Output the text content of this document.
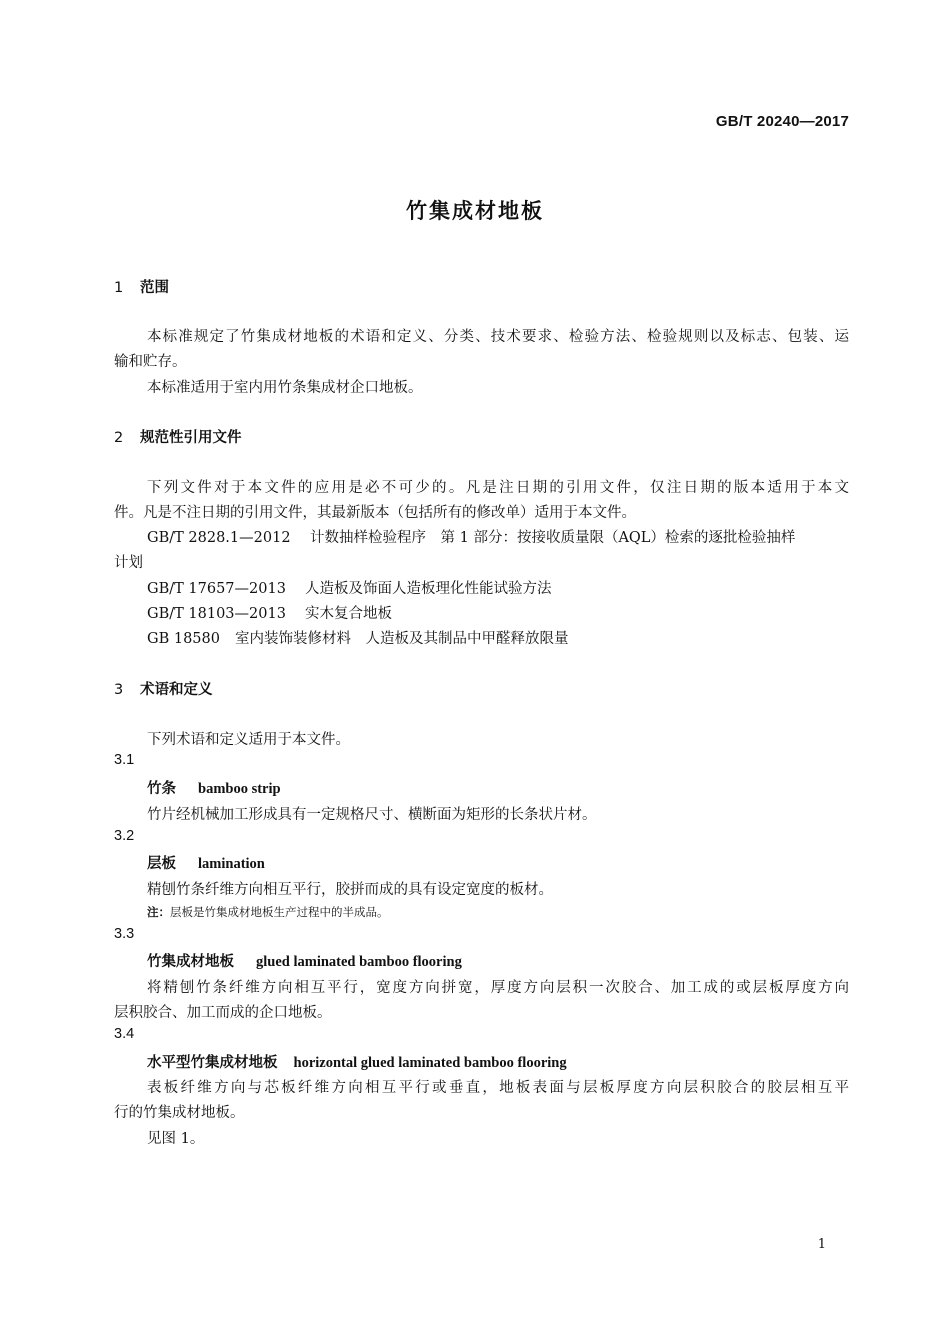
GB/T 20240—2017
竹集成材地板
1 范围
本标准规定了竹集成材地板的术语和定义、分类、技术要求、检验方法、检验规则以及标志、包装、运
输和贮存。
本标准适用于室内用竹条集成材企口地板。
2 规范性引用文件
下列文件对于本文件的应用是必不可少的。凡是注日期的引用文件，仅注日期的版本适用于本文
件。凡是不注日期的引用文件，其最新版本（包括所有的修改单）适用于本文件。
GB/T 2828.1—2012 计数抽样检验程序　第 1 部分：按接收质量限（AQL）检索的逐批检验抽样
计划
GB/T 17657—2013 人造板及饰面人造板理化性能试验方法
GB/T 18103—2013 实木复合地板
GB 18580 室内装饰装修材料　人造板及其制品中甲醛释放限量
3 术语和定义
下列术语和定义适用于本文件。
3.1
竹条 bamboo strip
竹片经机械加工形成具有一定规格尺寸、横断面为矩形的长条状片材。
3.2
层板 lamination
精刨竹条纤维方向相互平行，胶拼而成的具有设定宽度的板材。
注：层板是竹集成材地板生产过程中的半成品。
3.3
竹集成材地板 glued laminated bamboo flooring
将精刨竹条纤维方向相互平行，宽度方向拼宽，厚度方向层积一次胶合、加工成的或层板厚度方向
层积胶合、加工而成的企口地板。
3.4
水平型竹集成材地板 horizontal glued laminated bamboo flooring
表板纤维方向与芯板纤维方向相互平行或垂直，地板表面与层板厚度方向层积胶合的胶层相互平
行的竹集成材地板。
见图 1。
1
